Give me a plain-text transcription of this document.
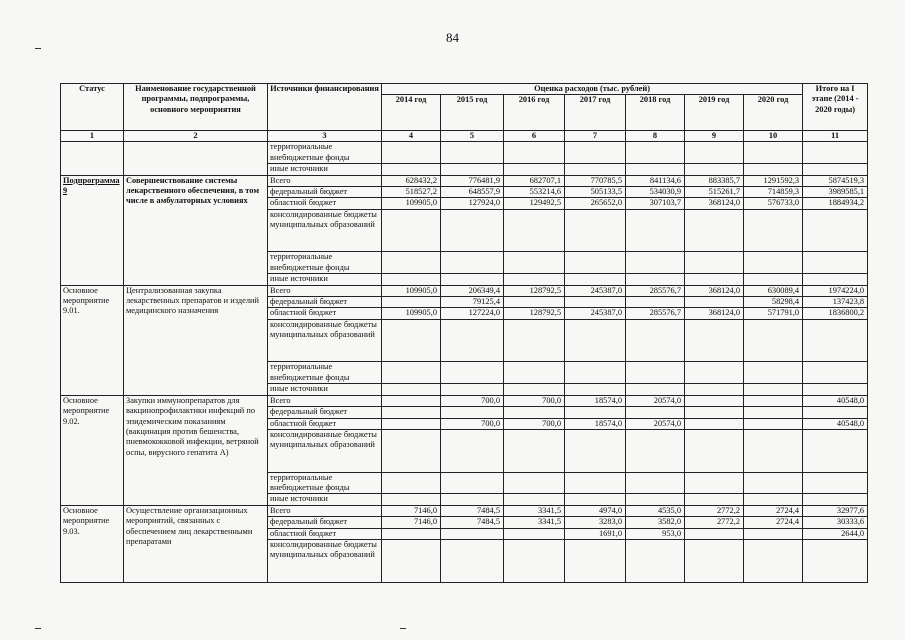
84
Статус	Наименование государственной программы, подпрограммы, основного мероприятия	Источники финансирования	Оценка расходов (тыс. рублей)							Итого на I этапе (2014 - 2020 годы)
			2014 год	2015 год	2016 год	2017 год	2018 год	2019 год	2020 год	
1	2	3	4	5	6	7	8	9	10	11
		территориальные внебюджетные фонды								
		иные источники								
Подпрограмма 9	Совершенствование системы лекарственного обеспечения, в том числе в амбулаторных условиях	Всего	628432,2	776481,9	682707,1	770785,5	841134,6	883385,7	1291592,3	5874519,3
		федеральный бюджет	518527,2	648557,9	553214,6	505133,5	534030,9	515261,7	714859,3	3989585,1
		областной бюджет	109905,0	127924,0	129492,5	265652,0	307103,7	368124,0	576733,0	1884934,2
		консолидированные бюджеты муниципальных образований								
		территориальные внебюджетные фонды								
		иные источники								
Основное мероприятие 9.01.	Централизованная закупка лекарственных препаратов и изделий медицинского назначения	Всего	109905,0	206349,4	128792,5	245387,0	285576,7	368124,0	630089,4	1974224,0
		федеральный бюджет		79125,4					58298,4	137423,8
		областной бюджет	109905,0	127224,0	128792,5	245387,0	285576,7	368124,0	571791,0	1836800,2
		консолидированные бюджеты муниципальных образований								
		территориальные внебюджетные фонды								
		иные источники								
Основное мероприятие 9.02.	Закупки иммунопрепаратов для вакцинопрофилактики инфекций по эпидемическим показаниям (вакцинация против бешенства, пневмококковой инфекции, ветряной оспы, вирусного гепатита А)	Всего		700,0	700,0	18574,0	20574,0			40548,0
		федеральный бюджет								
		областной бюджет		700,0	700,0	18574,0	20574,0			40548,0
		консолидированные бюджеты муниципальных образований								
		территориальные внебюджетные фонды								
		иные источники								
Основное мероприятие 9.03.	Осуществление организационных мероприятий, связанных с обеспечением лиц лекарственными препаратами	Всего	7146,0	7484,5	3341,5	4974,0	4535,0	2772,2	2724,4	32977,6
		федеральный бюджет	7146,0	7484,5	3341,5	3283,0	3582,0	2772,2	2724,4	30333,6
		областной бюджет				1691,0	953,0			2644,0
		консолидированные бюджеты муниципальных образований								
